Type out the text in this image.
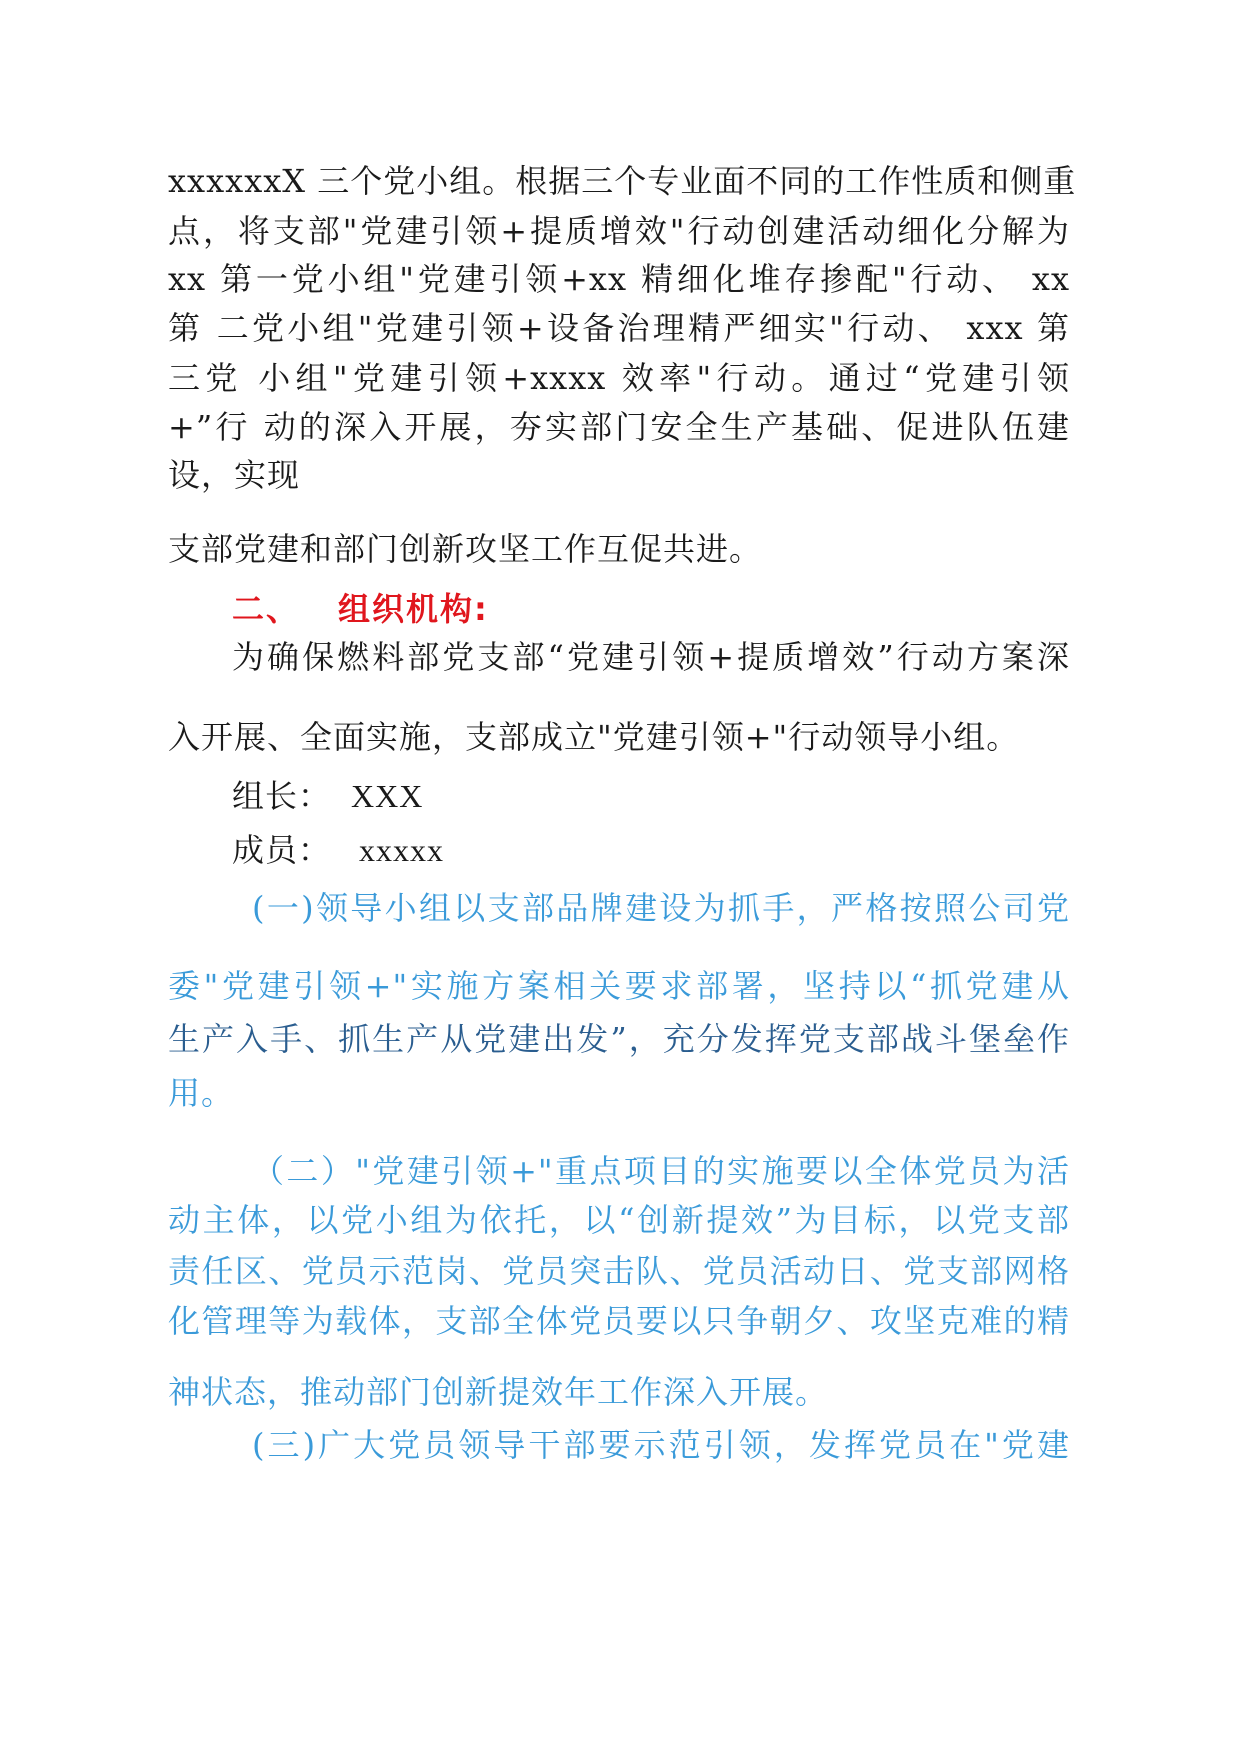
xxxxxxX 三个党小组。根据三个专业面不同的工作性质和侧重
点，将支部"党建引领+提质增效"行动创建活动细化分解为
xx 第一党小组"党建引领+xx 精细化堆存掺配"行动、 xx
第 二党小组"党建引领+设备治理精严细实"行动、 xxx 第
三党 小组"党建引领+xxxx 效率"行动。通过“党建引领
+”行 动的深入开展，夯实部门安全生产基础、促进队伍建
设，实现
支部党建和部门创新攻坚工作互促共进。
二、 组织机构:
为确保燃料部党支部“党建引领+提质增效”行动方案深
入开展、全面实施，支部成立"党建引领+"行动领导小组。
组长： XXX
成员： xxxxx
(一)领导小组以支部品牌建设为抓手，严格按照公司党
委"党建引领+"实施方案相关要求部署，坚持以“抓党建从
生产入手、抓生产从党建出发”，充分发挥党支部战斗堡垒作
用。
（二）"党建引领+"重点项目的实施要以全体党员为活
动主体，以党小组为依托，以“创新提效”为目标，以党支部
责任区、党员示范岗、党员突击队、党员活动日、党支部网格
化管理等为载体，支部全体党员要以只争朝夕、攻坚克难的精
神状态，推动部门创新提效年工作深入开展。
(三)广大党员领导干部要示范引领，发挥党员在"党建
